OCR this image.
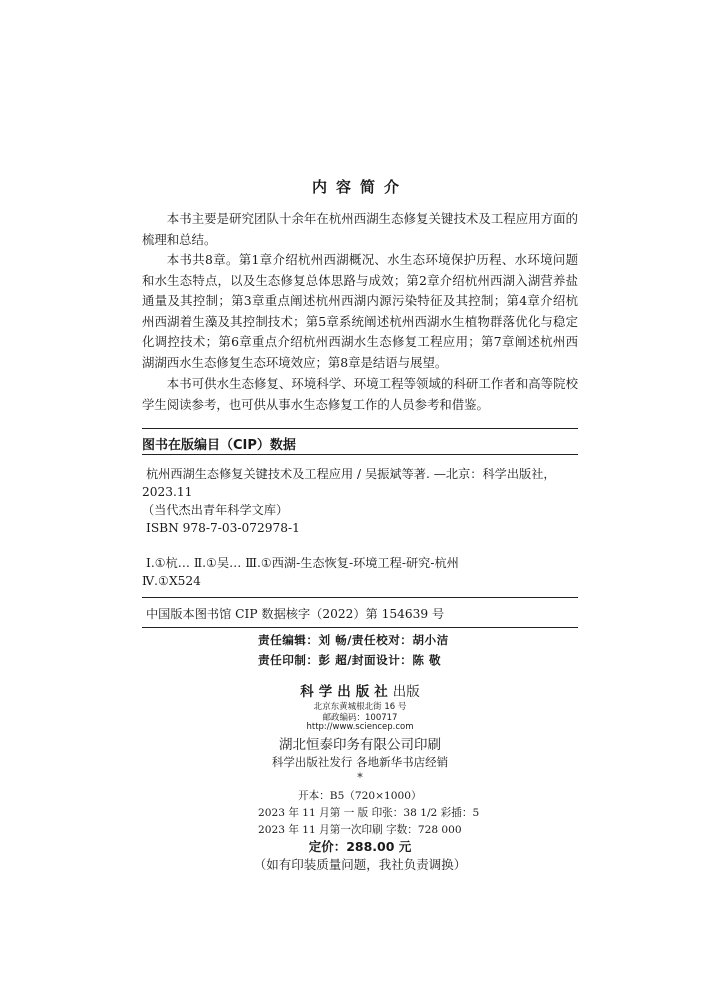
内容简介

本书主要是研究团队十余年在杭州西湖生态修复关键技术及工程应用方面的梳理和总结。

本书共8章。第1章介绍杭州西湖概况、水生态环境保护历程、水环境问题和水生态特点，以及生态修复总体思路与成效；第2章介绍杭州西湖入湖营养盐通量及其控制；第3章重点阐述杭州西湖内源污染特征及其控制；第4章介绍杭州西湖着生藻及其控制技术；第5章系统阐述杭州西湖水生植物群落优化与稳定化调控技术；第6章重点介绍杭州西湖水生态修复工程应用；第7章阐述杭州西湖湖西水生态修复生态环境效应；第8章是结语与展望。

本书可供水生态修复、环境科学、环境工程等领域的科研工作者和高等院校学生阅读参考，也可供从事水生态修复工作的人员参考和借鉴。

图书在版编目（CIP）数据
杭州西湖生态修复关键技术及工程应用 / 吴振斌等著. —北京：科学出版社，
2023.11
（当代杰出青年科学文库）
ISBN 978-7-03-072978-1
Ⅰ.①杭… Ⅱ.①吴… Ⅲ.①西湖-生态恢复-环境工程-研究-杭州
Ⅳ.①X524
中国版本图书馆 CIP 数据核字（2022）第 154639 号
责任编辑：刘 畅/责任校对：胡小洁
责任印制：彭 超/封面设计：陈 敬
科学出版社出版
北京东黄城根北街 16 号
邮政编码：100717
http://www.sciencep.com
湖北恒泰印务有限公司印刷
科学出版社发行 各地新华书店经销
*
开本：B5（720×1000）
2023 年 11 月第 一 版 印张：38 1/2 彩插：5
2023 年 11 月第一次印刷 字数：728 000
定价：288.00 元
（如有印装质量问题，我社负责调换）
